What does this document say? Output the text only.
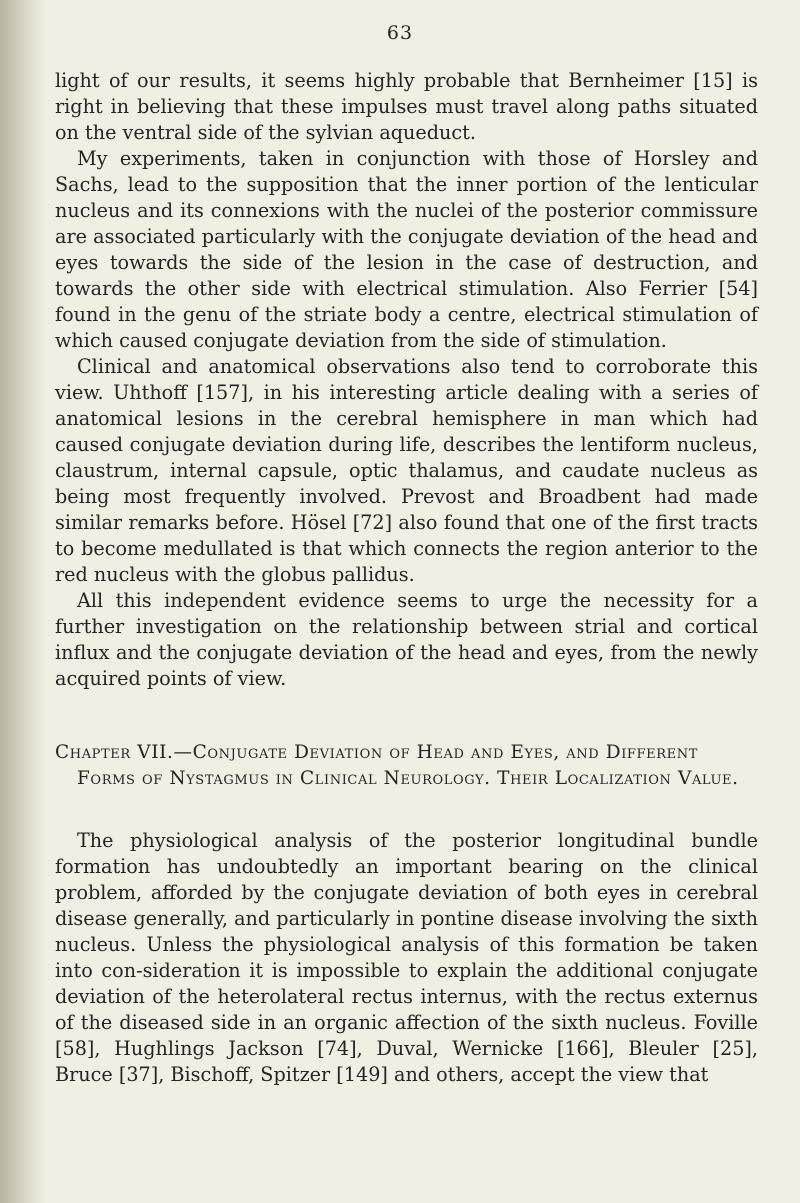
63

light of our results, it seems highly probable that Bernheimer [15] is right in believing that these impulses must travel along paths situated on the ventral side of the sylvian aqueduct.

My experiments, taken in conjunction with those of Horsley and Sachs, lead to the supposition that the inner portion of the lenticular nucleus and its connexions with the nuclei of the posterior commissure are associated particularly with the conjugate deviation of the head and eyes towards the side of the lesion in the case of destruction, and towards the other side with electrical stimulation. Also Ferrier [54] found in the genu of the striate body a centre, electrical stimulation of which caused conjugate deviation from the side of stimulation.

Clinical and anatomical observations also tend to corroborate this view. Uhthoff [157], in his interesting article dealing with a series of anatomical lesions in the cerebral hemisphere in man which had caused conjugate deviation during life, describes the lentiform nucleus, claustrum, internal capsule, optic thalamus, and caudate nucleus as being most frequently involved. Prevost and Broadbent had made similar remarks before. Hösel [72] also found that one of the first tracts to become medullated is that which connects the region anterior to the red nucleus with the globus pallidus.

All this independent evidence seems to urge the necessity for a further investigation on the relationship between strial and cortical influx and the conjugate deviation of the head and eyes, from the newly acquired points of view.

Chapter VII.—Conjugate Deviation of Head and Eyes, and Different Forms of Nystagmus in Clinical Neurology. Their Localization Value.

The physiological analysis of the posterior longitudinal bundle formation has undoubtedly an important bearing on the clinical problem, afforded by the conjugate deviation of both eyes in cerebral disease generally, and particularly in pontine disease involving the sixth nucleus. Unless the physiological analysis of this formation be taken into con-sideration it is impossible to explain the additional conjugate deviation of the heterolateral rectus internus, with the rectus externus of the diseased side in an organic affection of the sixth nucleus. Foville [58], Hughlings Jackson [74], Duval, Wernicke [166], Bleuler [25], Bruce [37], Bischoff, Spitzer [149] and others, accept the view that
